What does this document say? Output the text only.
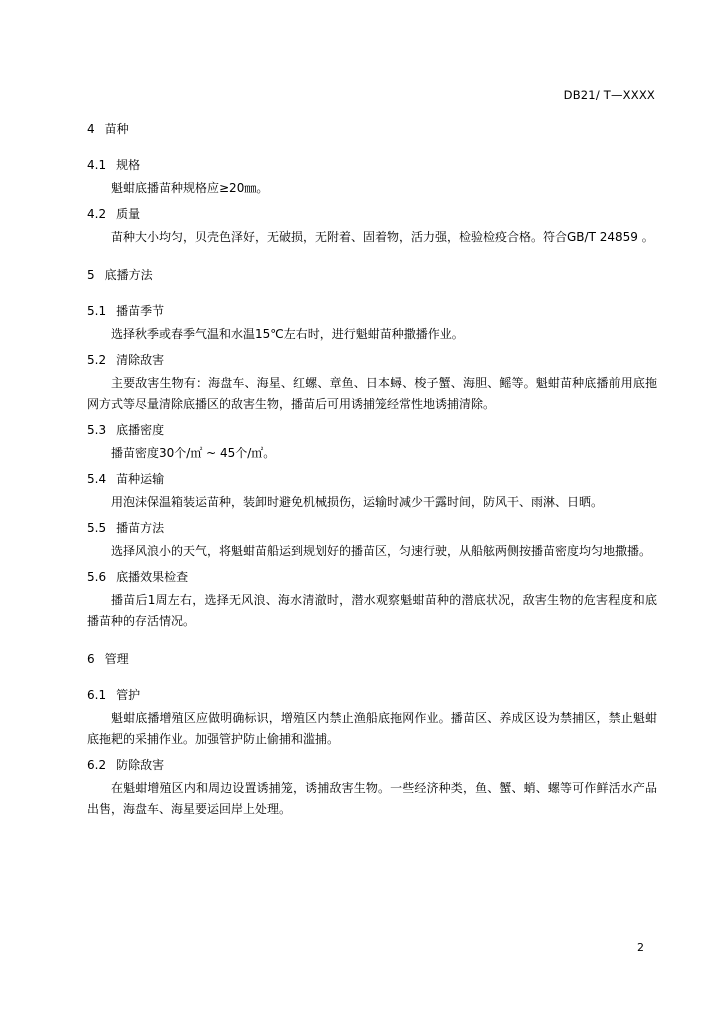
DB21/ T—XXXX
4 苗种
4.1 规格

魁蚶底播苗种规格应≥20㎜。

4.2 质量

苗种大小均匀，贝壳色泽好，无破损，无附着、固着物，活力强，检验检疫合格。符合GB/T 24859 。

5 底播方法
5.1 播苗季节

选择秋季或春季气温和水温15℃左右时，进行魁蚶苗种撒播作业。

5.2 清除敌害

主要敌害生物有：海盘车、海星、红螺、章鱼、日本蟳、梭子蟹、海胆、鳐等。魁蚶苗种底播前用底拖网方式等尽量清除底播区的敌害生物，播苗后可用诱捕笼经常性地诱捕清除。

5.3 底播密度

播苗密度30个/㎡ ~ 45个/㎡。

5.4 苗种运输

用泡沫保温箱装运苗种，装卸时避免机械损伤，运输时减少干露时间，防风干、雨淋、日晒。

5.5 播苗方法

选择风浪小的天气，将魁蚶苗船运到规划好的播苗区，匀速行驶，从船舷两侧按播苗密度均匀地撒播。

5.6 底播效果检查

播苗后1周左右，选择无风浪、海水清澈时，潜水观察魁蚶苗种的潜底状况，敌害生物的危害程度和底播苗种的存活情况。

6 管理
6.1 管护

魁蚶底播增殖区应做明确标识，增殖区内禁止渔船底拖网作业。播苗区、养成区设为禁捕区，禁止魁蚶底拖耙的采捕作业。加强管护防止偷捕和滥捕。

6.2 防除敌害

在魁蚶增殖区内和周边设置诱捕笼，诱捕敌害生物。一些经济种类，鱼、蟹、蛸、螺等可作鲜活水产品出售，海盘车、海星要运回岸上处理。

2
